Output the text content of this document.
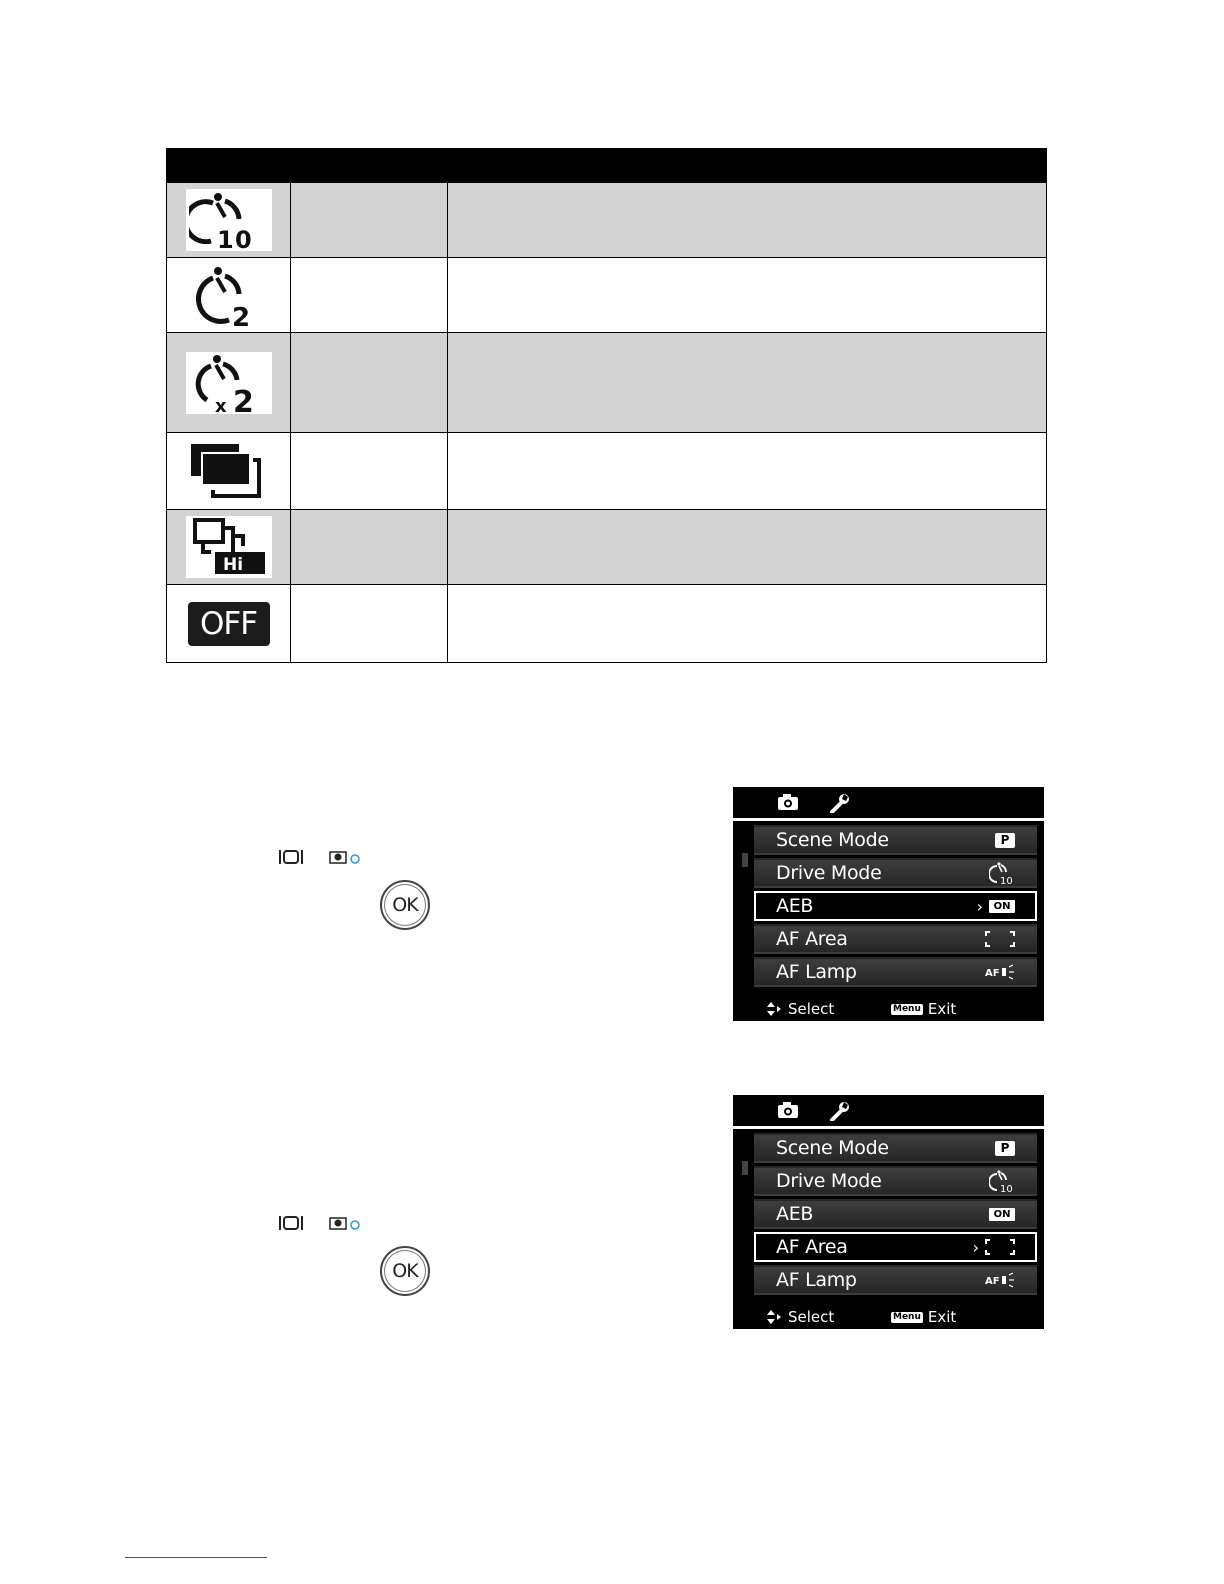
1 0
2
x 2
Hi
OFF
OK
OK
Scene Mode	P
Drive Mode	10
AEB	›	ON
AF Area
AF Lamp	AF
Select	Menu Exit
Scene Mode	P
Drive Mode	10
AEB	ON
AF Area	›
AF Lamp	AF
Select	Menu Exit
